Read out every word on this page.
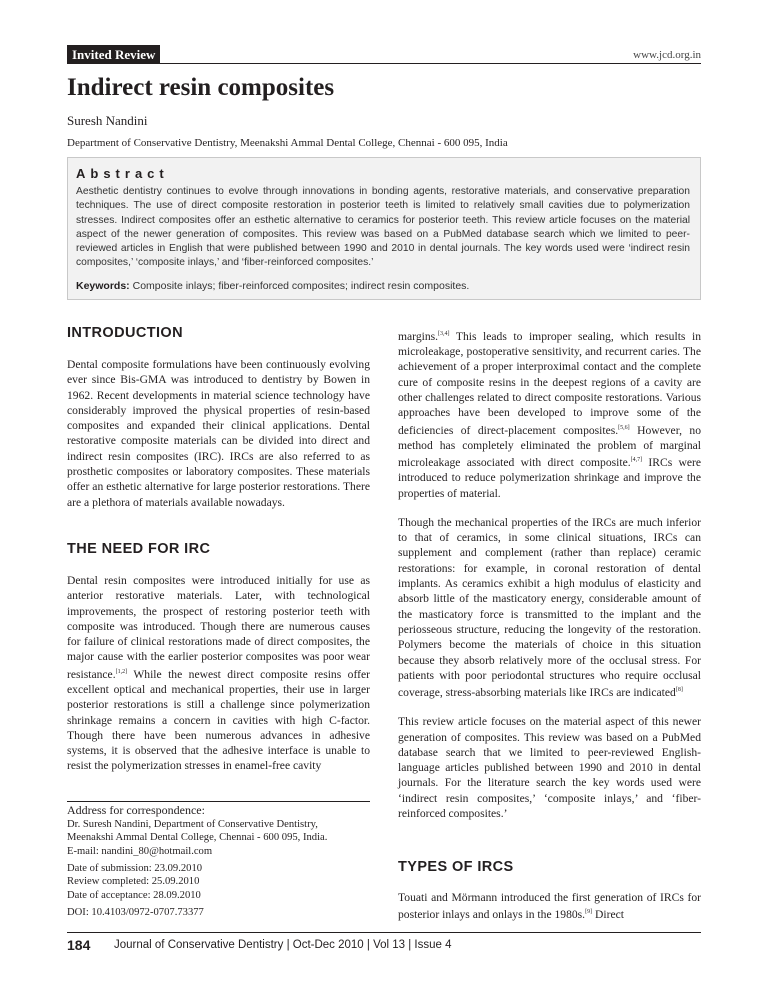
Invited Review	www.jcd.org.in
Indirect resin composites
Suresh Nandini
Department of Conservative Dentistry, Meenakshi Ammal Dental College, Chennai - 600 095, India
Abstract
Aesthetic dentistry continues to evolve through innovations in bonding agents, restorative materials, and conservative preparation techniques. The use of direct composite restoration in posterior teeth is limited to relatively small cavities due to polymerization stresses. Indirect composites offer an esthetic alternative to ceramics for posterior teeth. This review article focuses on the material aspect of the newer generation of composites. This review was based on a PubMed database search which we limited to peer-reviewed articles in English that were published between 1990 and 2010 in dental journals. The key words used were ‘indirect resin composites,’ ‘composite inlays,’ and ‘fiber-reinforced composites.’
Keywords: Composite inlays; fiber-reinforced composites; indirect resin composites.
INTRODUCTION

Dental composite formulations have been continuously evolving ever since Bis-GMA was introduced to dentistry by Bowen in 1962. Recent developments in material science technology have considerably improved the physical properties of resin-based composites and expanded their clinical applications. Dental restorative composite materials can be divided into direct and indirect resin composites (IRC). IRCs are also referred to as prosthetic composites or laboratory composites. These materials offer an esthetic alternative for large posterior restorations. There are a plethora of materials available nowadays.

THE NEED FOR IRC

Dental resin composites were introduced initially for use as anterior restorative materials. Later, with technological improvements, the prospect of restoring posterior teeth with composite was introduced. Though there are numerous causes for failure of clinical restorations made of direct composites, the major cause with the earlier posterior composites was poor wear resistance.[1,2] While the newest direct composite resins offer excellent optical and mechanical properties, their use in larger posterior restorations is still a challenge since polymerization shrinkage remains a concern in cavities with high C-factor. Though there have been numerous advances in adhesive systems, it is observed that the adhesive interface is unable to resist the polymerization stresses in enamel-free cavity

Address for correspondence:
Dr. Suresh Nandini, Department of Conservative Dentistry,
Meenakshi Ammal Dental College, Chennai - 600 095, India.
E-mail: nandini_80@hotmail.com
Date of submission: 23.09.2010
Review completed: 25.09.2010
Date of acceptance: 28.09.2010
DOI: 10.4103/0972-0707.73377

margins.[3,4] This leads to improper sealing, which results in microleakage, postoperative sensitivity, and recurrent caries. The achievement of a proper interproximal contact and the complete cure of composite resins in the deepest regions of a cavity are other challenges related to direct composite restorations. Various approaches have been developed to improve some of the deficiencies of direct-placement composites.[5,6] However, no method has completely eliminated the problem of marginal microleakage associated with direct composite.[4,7] IRCs were introduced to reduce polymerization shrinkage and improve the properties of material.

Though the mechanical properties of the IRCs are much inferior to that of ceramics, in some clinical situations, IRCs can supplement and complement (rather than replace) ceramic restorations: for example, in coronal restoration of dental implants. As ceramics exhibit a high modulus of elasticity and absorb little of the masticatory energy, considerable amount of the masticatory force is transmitted to the implant and the periosseous structure, reducing the longevity of the restoration. Polymers become the materials of choice in this situation because they absorb relatively more of the occlusal stress. For patients with poor periodontal structures who require occlusal coverage, stress-absorbing materials like IRCs are indicated[8]

This review article focuses on the material aspect of this newer generation of composites. This review was based on a PubMed database search that we limited to peer-reviewed English-language articles published between 1990 and 2010 in dental journals. For the literature search the key words used were ‘indirect resin composites,’ ‘composite inlays,’ and ‘fiber-reinforced composites.’

TYPES OF IRCS

Touati and Mörmann introduced the first generation of IRCs for posterior inlays and onlays in the 1980s.[9] Direct

184 Journal of Conservative Dentistry | Oct-Dec 2010 | Vol 13 | Issue 4
